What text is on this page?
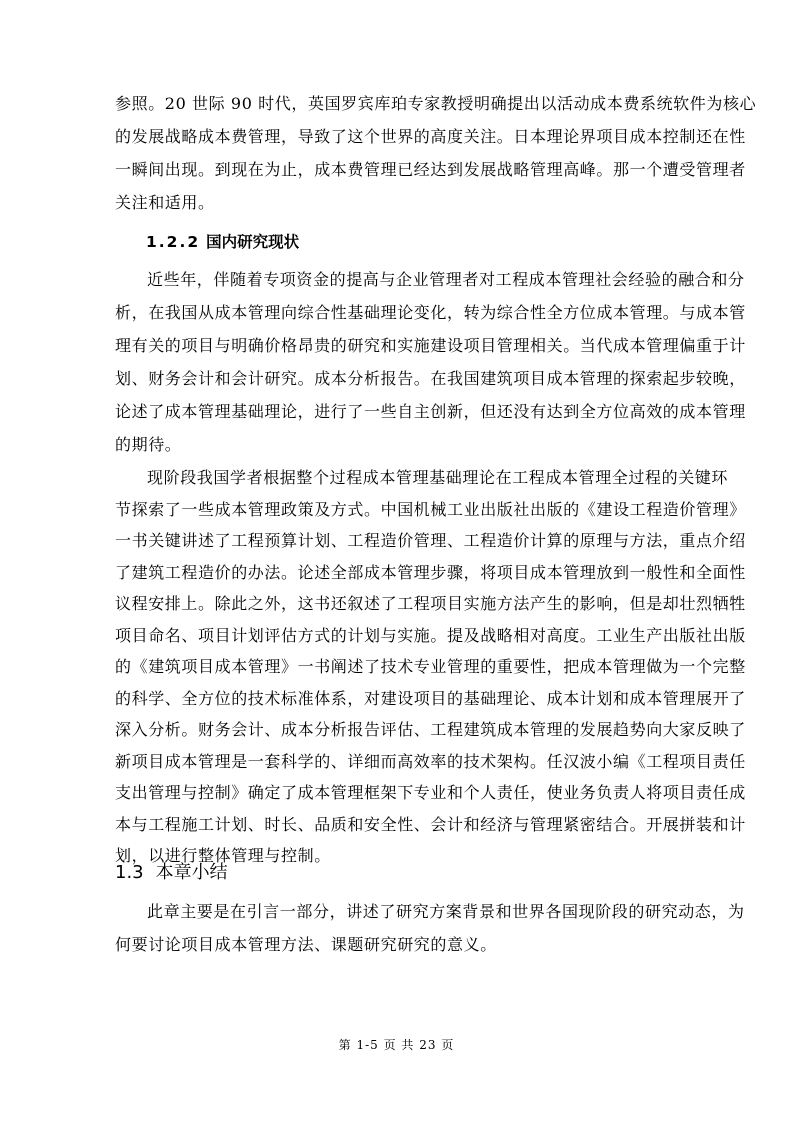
参照。20 世际 90 时代，英国罗宾库珀专家教授明确提出以活动成本费系统软件为核心
的发展战略成本费管理，导致了这个世界的高度关注。日本理论界项目成本控制还在性
一瞬间出现。到现在为止，成本费管理已经达到发展战略管理高峰。那一个遭受管理者
关注和适用。
1.2.2 国内研究现状
近些年，伴随着专项资金的提高与企业管理者对工程成本管理社会经验的融合和分
析，在我国从成本管理向综合性基础理论变化，转为综合性全方位成本管理。与成本管
理有关的项目与明确价格昂贵的研究和实施建设项目管理相关。当代成本管理偏重于计
划、财务会计和会计研究。成本分析报告。在我国建筑项目成本管理的探索起步较晚，
论述了成本管理基础理论，进行了一些自主创新，但还没有达到全方位高效的成本管理
的期待。
现阶段我国学者根据整个过程成本管理基础理论在工程成本管理全过程的关键环
节探索了一些成本管理政策及方式。中国机械工业出版社出版的《建设工程造价管理》
一书关键讲述了工程预算计划、工程造价管理、工程造价计算的原理与方法，重点介绍
了建筑工程造价的办法。论述全部成本管理步骤，将项目成本管理放到一般性和全面性
议程安排上。除此之外，这书还叙述了工程项目实施方法产生的影响，但是却壮烈牺牲
项目命名、项目计划评估方式的计划与实施。提及战略相对高度。工业生产出版社出版
的《建筑项目成本管理》一书阐述了技术专业管理的重要性，把成本管理做为一个完整
的科学、全方位的技术标准体系，对建设项目的基础理论、成本计划和成本管理展开了
深入分析。财务会计、成本分析报告评估、工程建筑成本管理的发展趋势向大家反映了
新项目成本管理是一套科学的、详细而高效率的技术架构。任汉波小编《工程项目责任
支出管理与控制》确定了成本管理框架下专业和个人责任，使业务负责人将项目责任成
本与工程施工计划、时长、品质和安全性、会计和经济与管理紧密结合。开展拼装和计
划，以进行整体管理与控制。
1.3 本章小结
此章主要是在引言一部分，讲述了研究方案背景和世界各国现阶段的研究动态，为
何要讨论项目成本管理方法、课题研究研究的意义。
第 1-5 页 共 23 页
